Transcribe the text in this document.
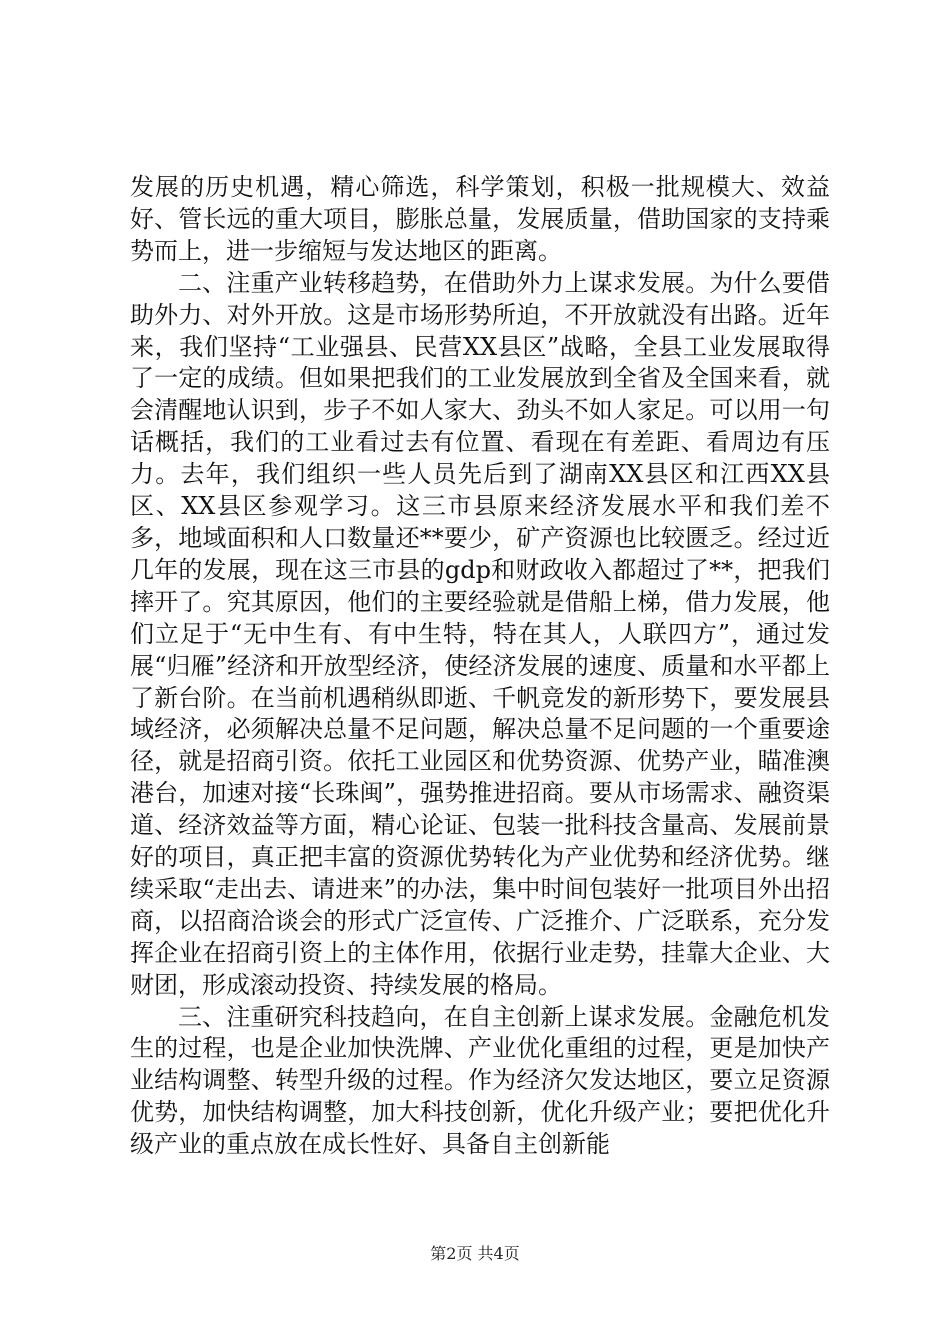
发展的历史机遇，精心筛选，科学策划，积极一批规模大、效益好、管长远的重大项目，膨胀总量，发展质量，借助国家的支持乘势而上，进一步缩短与发达地区的距离。

二、注重产业转移趋势，在借助外力上谋求发展。为什么要借助外力、对外开放。这是市场形势所迫，不开放就没有出路。近年来，我们坚持“工业强县、民营XX县区”战略，全县工业发展取得了一定的成绩。但如果把我们的工业发展放到全省及全国来看，就会清醒地认识到，步子不如人家大、劲头不如人家足。可以用一句话概括，我们的工业看过去有位置、看现在有差距、看周边有压力。去年，我们组织一些人员先后到了湖南XX县区和江西XX县区、XX县区参观学习。这三市县原来经济发展水平和我们差不多，地域面积和人口数量还**要少，矿产资源也比较匮乏。经过近几年的发展，现在这三市县的gdp和财政收入都超过了**，把我们摔开了。究其原因，他们的主要经验就是借船上梯，借力发展，他们立足于“无中生有、有中生特，特在其人，人联四方”，通过发展“归雁”经济和开放型经济，使经济发展的速度、质量和水平都上了新台阶。在当前机遇稍纵即逝、千帆竞发的新形势下，要发展县域经济，必须解决总量不足问题，解决总量不足问题的一个重要途径，就是招商引资。依托工业园区和优势资源、优势产业，瞄准澳港台，加速对接“长珠闽”，强势推进招商。要从市场需求、融资渠道、经济效益等方面，精心论证、包装一批科技含量高、发展前景好的项目，真正把丰富的资源优势转化为产业优势和经济优势。继续采取“走出去、请进来”的办法，集中时间包装好一批项目外出招商，以招商洽谈会的形式广泛宣传、广泛推介、广泛联系，充分发挥企业在招商引资上的主体作用，依据行业走势，挂靠大企业、大财团，形成滚动投资、持续发展的格局。

三、注重研究科技趋向，在自主创新上谋求发展。金融危机发生的过程，也是企业加快洗牌、产业优化重组的过程，更是加快产业结构调整、转型升级的过程。作为经济欠发达地区，要立足资源优势，加快结构调整，加大科技创新，优化升级产业；要把优化升级产业的重点放在成长性好、具备自主创新能

第2页 共4页
